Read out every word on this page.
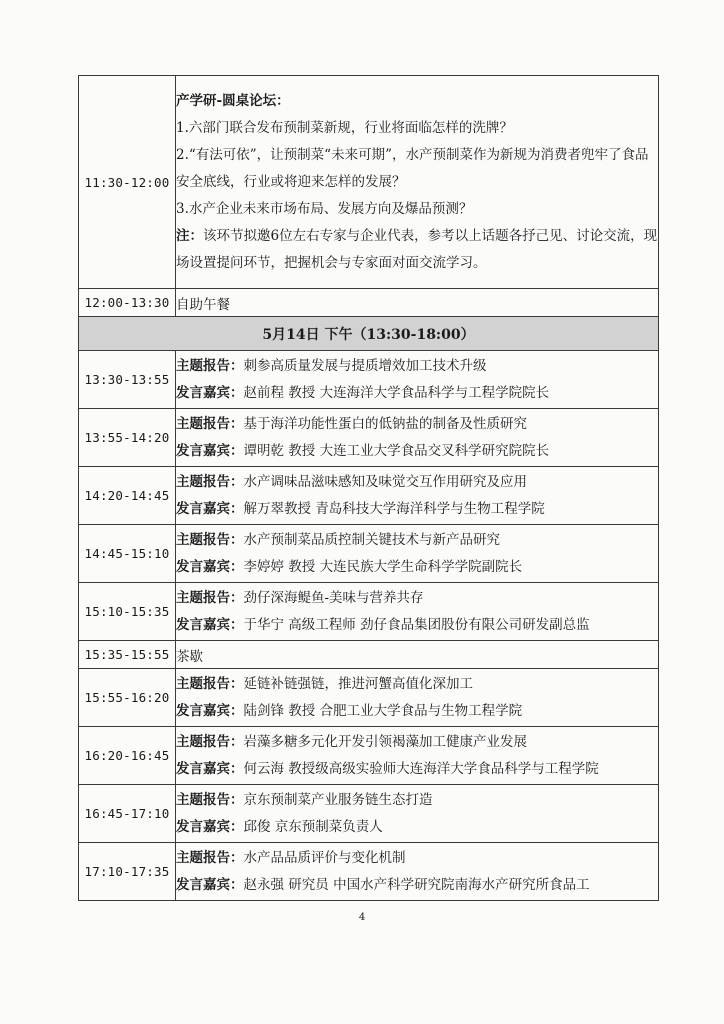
11:30-12:00	产学研-圆桌论坛：
1.六部门联合发布预制菜新规，行业将面临怎样的洗牌？
2.“有法可依”，让预制菜“未来可期”，水产预制菜作为新规为消费者兜牢了食品安全底线，行业或将迎来怎样的发展？
3.水产企业未来市场布局、发展方向及爆品预测？
注：该环节拟邀6位左右专家与企业代表，参考以上话题各抒己见、讨论交流，现场设置提问环节，把握机会与专家面对面交流学习。

12:00-13:30	自助午餐
5月14日 下午（13:30-18:00）	
13:30-13:55	主题报告：刺参高质量发展与提质增效加工技术升级
发言嘉宾：赵前程 教授 大连海洋大学食品科学与工程学院院长

13:55-14:20	主题报告：基于海洋功能性蛋白的低钠盐的制备及性质研究
发言嘉宾：谭明乾 教授 大连工业大学食品交叉科学研究院院长

14:20-14:45	主题报告：水产调味品滋味感知及味觉交互作用研究及应用
发言嘉宾：解万翠教授 青岛科技大学海洋科学与生物工程学院

14:45-15:10	主题报告：水产预制菜品质控制关键技术与新产品研究
发言嘉宾：李婷婷 教授 大连民族大学生命科学学院副院长

15:10-15:35	主题报告：劲仔深海鳀鱼-美味与营养共存
发言嘉宾：于华宁 高级工程师 劲仔食品集团股份有限公司研发副总监

15:35-15:55	茶歇
15:55-16:20	主题报告：延链补链强链，推进河蟹高值化深加工
发言嘉宾：陆剑锋 教授 合肥工业大学食品与生物工程学院

16:20-16:45	主题报告：岩藻多糖多元化开发引领褐藻加工健康产业发展
发言嘉宾：何云海 教授级高级实验师大连海洋大学食品科学与工程学院

16:45-17:10	主题报告：京东预制菜产业服务链生态打造
发言嘉宾：邱俊 京东预制菜负责人

17:10-17:35	主题报告：水产品品质评价与变化机制
发言嘉宾：赵永强 研究员 中国水产科学研究院南海水产研究所食品工
4
